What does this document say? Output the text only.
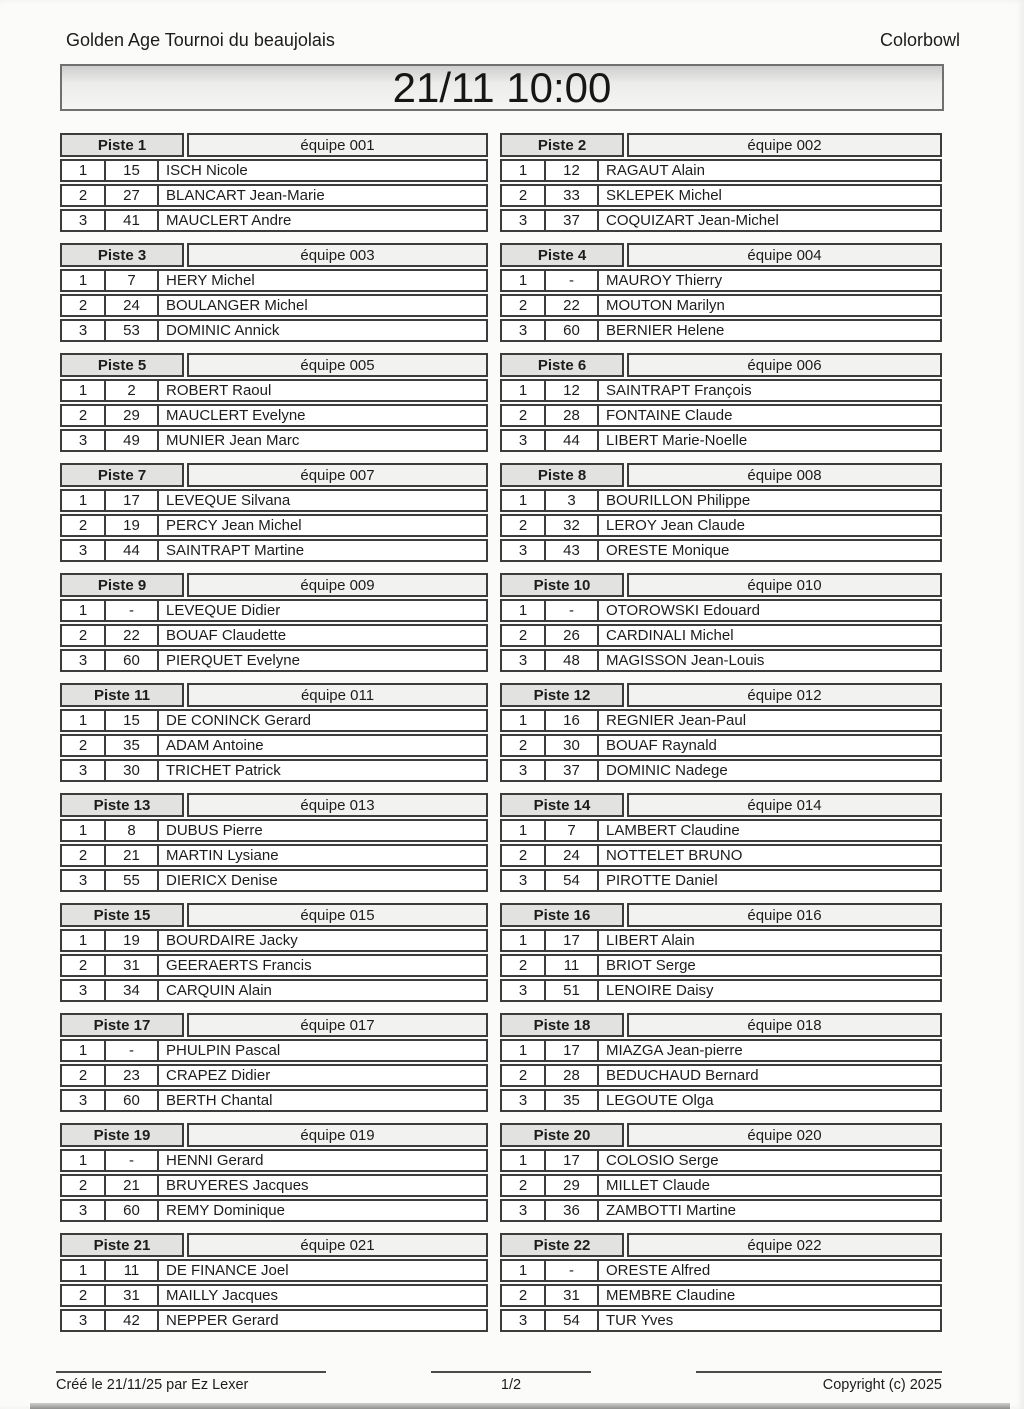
Golden Age Tournoi du beaujolais	Colorbowl
21/11 10:00
Piste 1	équipe 001
1	15	ISCH Nicole
2	27	BLANCART Jean-Marie
3	41	MAUCLERT Andre
Piste 2	équipe 002
1	12	RAGAUT Alain
2	33	SKLEPEK Michel
3	37	COQUIZART Jean-Michel
Piste 3	équipe 003
1	7	HERY Michel
2	24	BOULANGER Michel
3	53	DOMINIC Annick
Piste 4	équipe 004
1	-	MAUROY Thierry
2	22	MOUTON Marilyn
3	60	BERNIER Helene
Piste 5	équipe 005
1	2	ROBERT Raoul
2	29	MAUCLERT Evelyne
3	49	MUNIER Jean Marc
Piste 6	équipe 006
1	12	SAINTRAPT François
2	28	FONTAINE Claude
3	44	LIBERT Marie-Noelle
Piste 7	équipe 007
1	17	LEVEQUE Silvana
2	19	PERCY Jean Michel
3	44	SAINTRAPT Martine
Piste 8	équipe 008
1	3	BOURILLON Philippe
2	32	LEROY Jean Claude
3	43	ORESTE Monique
Piste 9	équipe 009
1	-	LEVEQUE Didier
2	22	BOUAF Claudette
3	60	PIERQUET Evelyne
Piste 10	équipe 010
1	-	OTOROWSKI Edouard
2	26	CARDINALI Michel
3	48	MAGISSON Jean-Louis
Piste 11	équipe 011
1	15	DE CONINCK Gerard
2	35	ADAM Antoine
3	30	TRICHET Patrick
Piste 12	équipe 012
1	16	REGNIER Jean-Paul
2	30	BOUAF Raynald
3	37	DOMINIC Nadege
Piste 13	équipe 013
1	8	DUBUS Pierre
2	21	MARTIN Lysiane
3	55	DIERICX Denise
Piste 14	équipe 014
1	7	LAMBERT Claudine
2	24	NOTTELET BRUNO
3	54	PIROTTE Daniel
Piste 15	équipe 015
1	19	BOURDAIRE Jacky
2	31	GEERAERTS Francis
3	34	CARQUIN Alain
Piste 16	équipe 016
1	17	LIBERT Alain
2	11	BRIOT Serge
3	51	LENOIRE Daisy
Piste 17	équipe 017
1	-	PHULPIN Pascal
2	23	CRAPEZ Didier
3	60	BERTH Chantal
Piste 18	équipe 018
1	17	MIAZGA Jean-pierre
2	28	BEDUCHAUD Bernard
3	35	LEGOUTE Olga
Piste 19	équipe 019
1	-	HENNI Gerard
2	21	BRUYERES Jacques
3	60	REMY Dominique
Piste 20	équipe 020
1	17	COLOSIO Serge
2	29	MILLET Claude
3	36	ZAMBOTTI Martine
Piste 21	équipe 021
1	11	DE FINANCE Joel
2	31	MAILLY Jacques
3	42	NEPPER Gerard
Piste 22	équipe 022
1	-	ORESTE Alfred
2	31	MEMBRE Claudine
3	54	TUR Yves
Créé le 21/11/25 par Ez Lexer	1/2	Copyright (c) 2025
